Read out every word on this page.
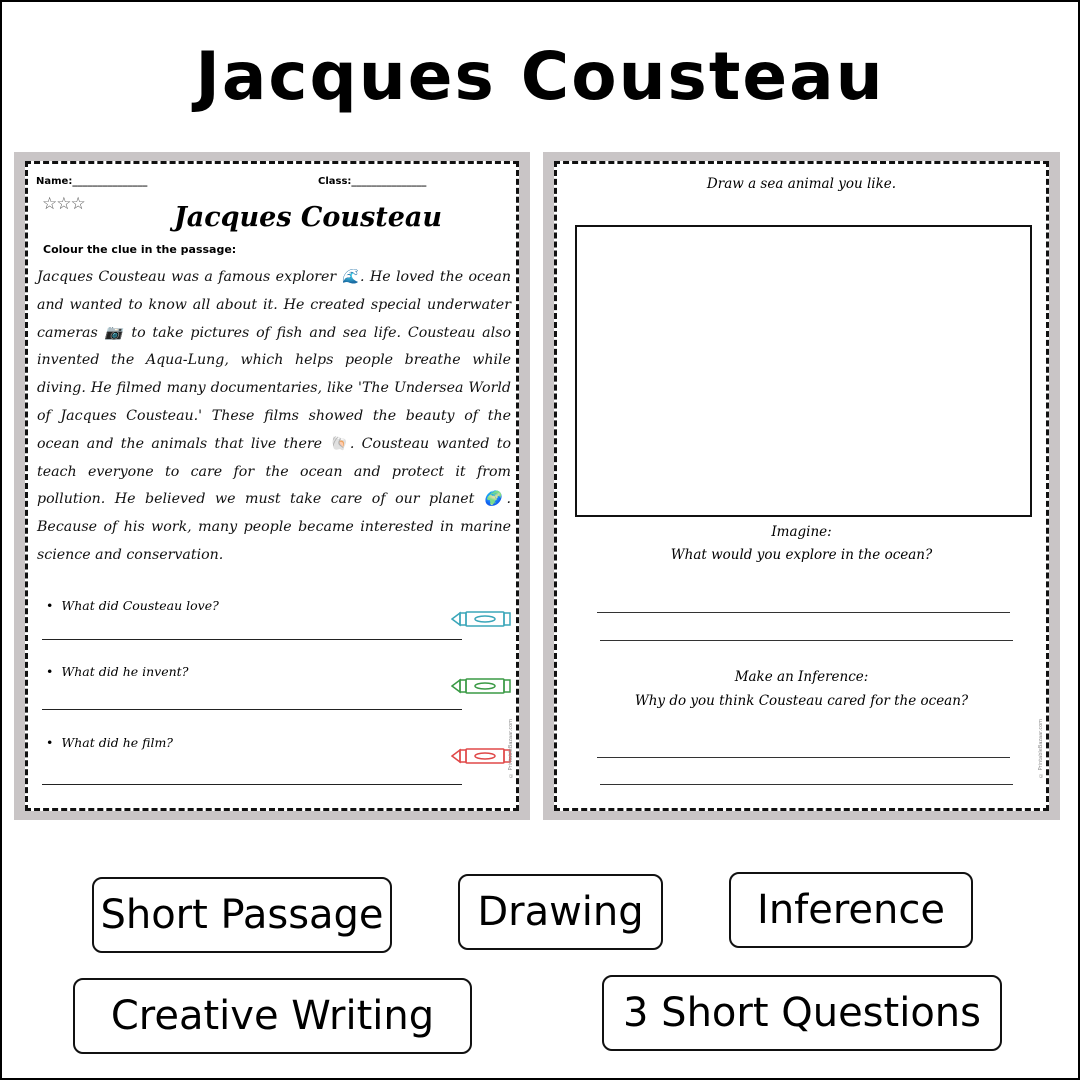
Jacques Cousteau
Name:_______________	Class:_______________
☆☆☆	Jacques Cousteau
Colour the clue in the passage:
Jacques Cousteau was a famous explorer 🌊. He loved the ocean and wanted to know all about it. He created special underwater cameras 📷 to take pictures of fish and sea life. Cousteau also invented the Aqua-Lung, which helps people breathe while diving. He filmed many documentaries, like 'The Undersea World of Jacques Cousteau.' These films showed the beauty of the ocean and the animals that live there 🐚. Cousteau wanted to teach everyone to care for the ocean and protect it from pollution. He believed we must take care of our planet 🌍. Because of his work, many people became interested in marine science and conservation.
• What did Cousteau love?
• What did he invent?
• What did he film?	© PrintableBazaar.com
Draw a sea animal you like.
Imagine:
What would you explore in the ocean?
Make an Inference:
Why do you think Cousteau cared for the ocean?
© PrintableBazaar.com
Short Passage	Drawing	Inference
Creative Writing	3 Short Questions
